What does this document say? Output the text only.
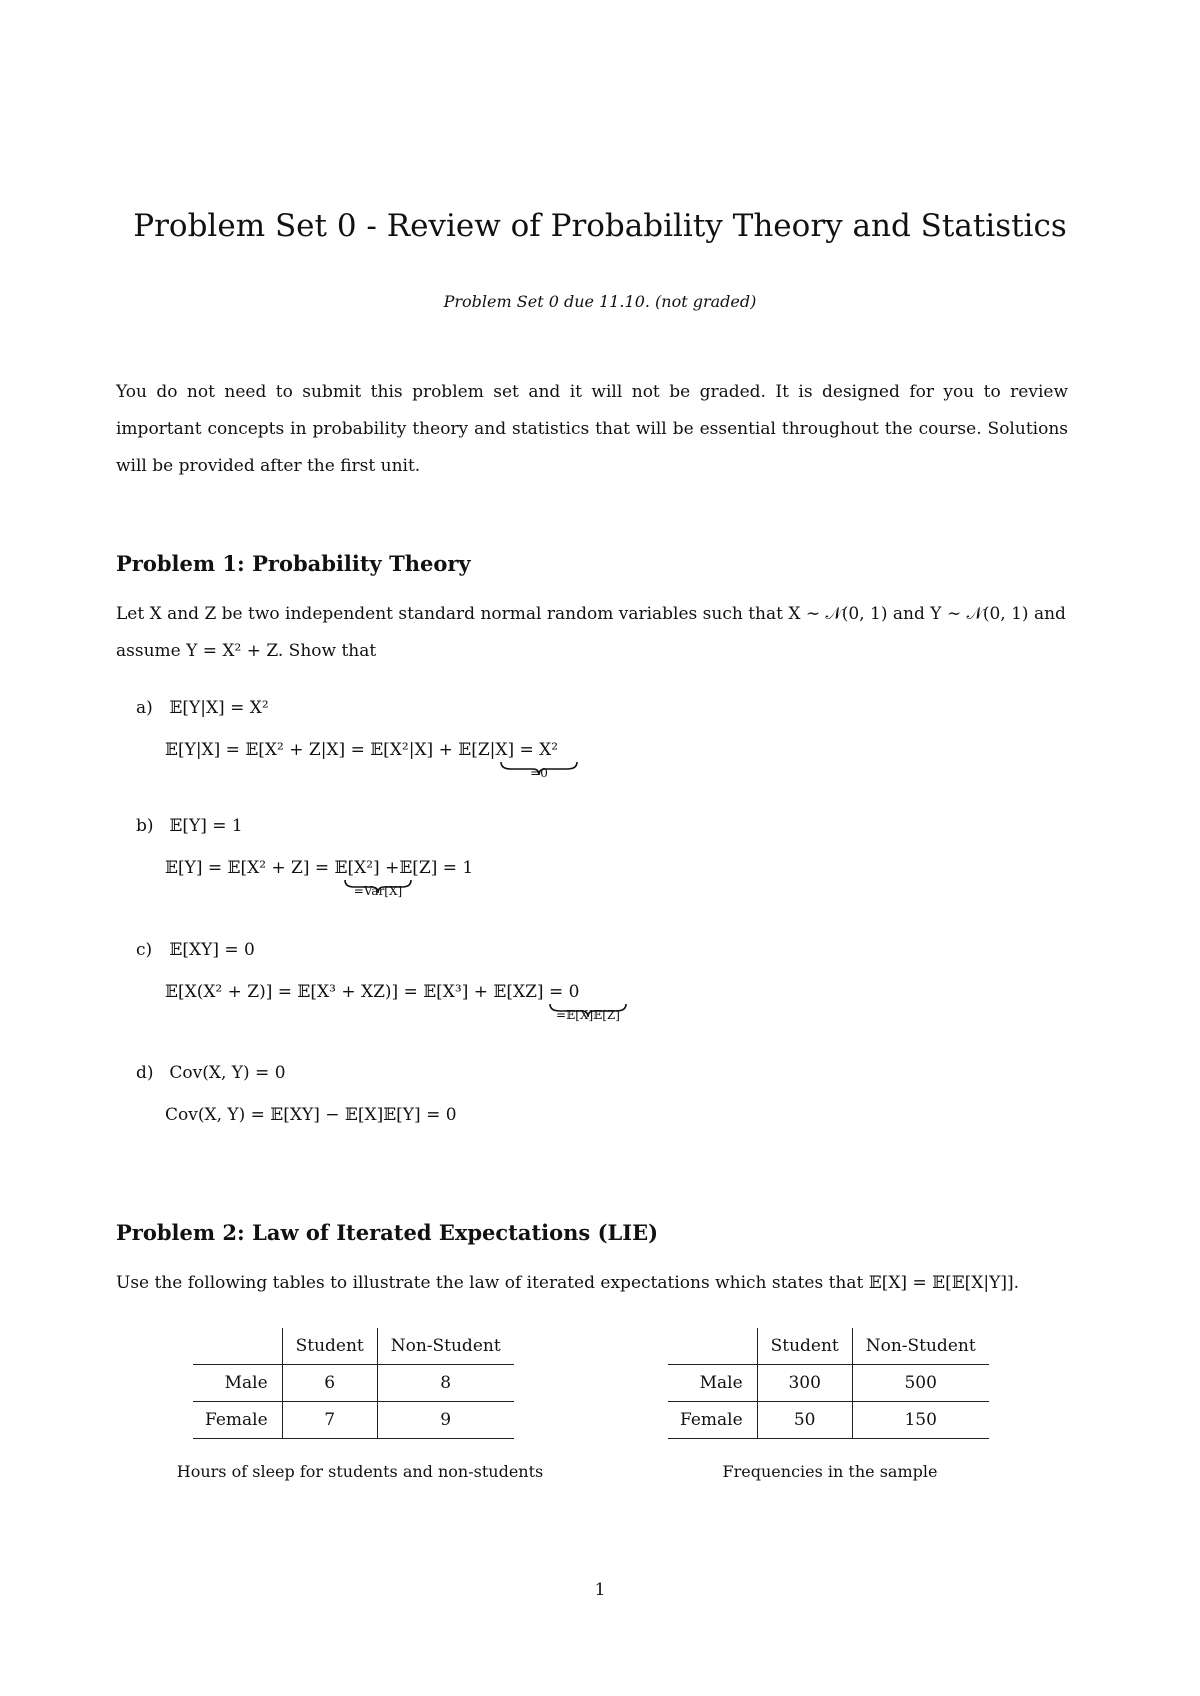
Problem Set 0 - Review of Probability Theory and Statistics
Problem Set 0 due 11.10. (not graded)

You do not need to submit this problem set and it will not be graded. It is designed for you to review important concepts in probability theory and statistics that will be essential throughout the course. Solutions will be provided after the first unit.

Problem 1: Probability Theory

Let X and Z be two independent standard normal random variables such that X ∼ 𝒩(0, 1) and Y ∼ 𝒩(0, 1) and assume Y = X² + Z. Show that

a) 𝔼[Y|X] = X²
𝔼[Y|X] = 𝔼[X² + Z|X] = 𝔼[X²|X] + 𝔼[Z|X] = X²
=0
b) 𝔼[Y] = 1
𝔼[Y] = 𝔼[X² + Z] = 𝔼[X²] +𝔼[Z] = 1
=Var[X]
c) 𝔼[XY] = 0
𝔼[X(X² + Z)] = 𝔼[X³ + XZ)] = 𝔼[X³] + 𝔼[XZ] = 0
=𝔼[X]𝔼[Z]
d) Cov(X, Y) = 0
Cov(X, Y) = 𝔼[XY] − 𝔼[X]𝔼[Y] = 0
Problem 2: Law of Iterated Expectations (LIE)

Use the following tables to illustrate the law of iterated expectations which states that 𝔼[X] = 𝔼[𝔼[X|Y]].

	Student	Non-Student
Male	6	8
Female	7	9
Hours of sleep for students and non-students
	Student	Non-Student
Male	300	500
Female	50	150
Frequencies in the sample
1
